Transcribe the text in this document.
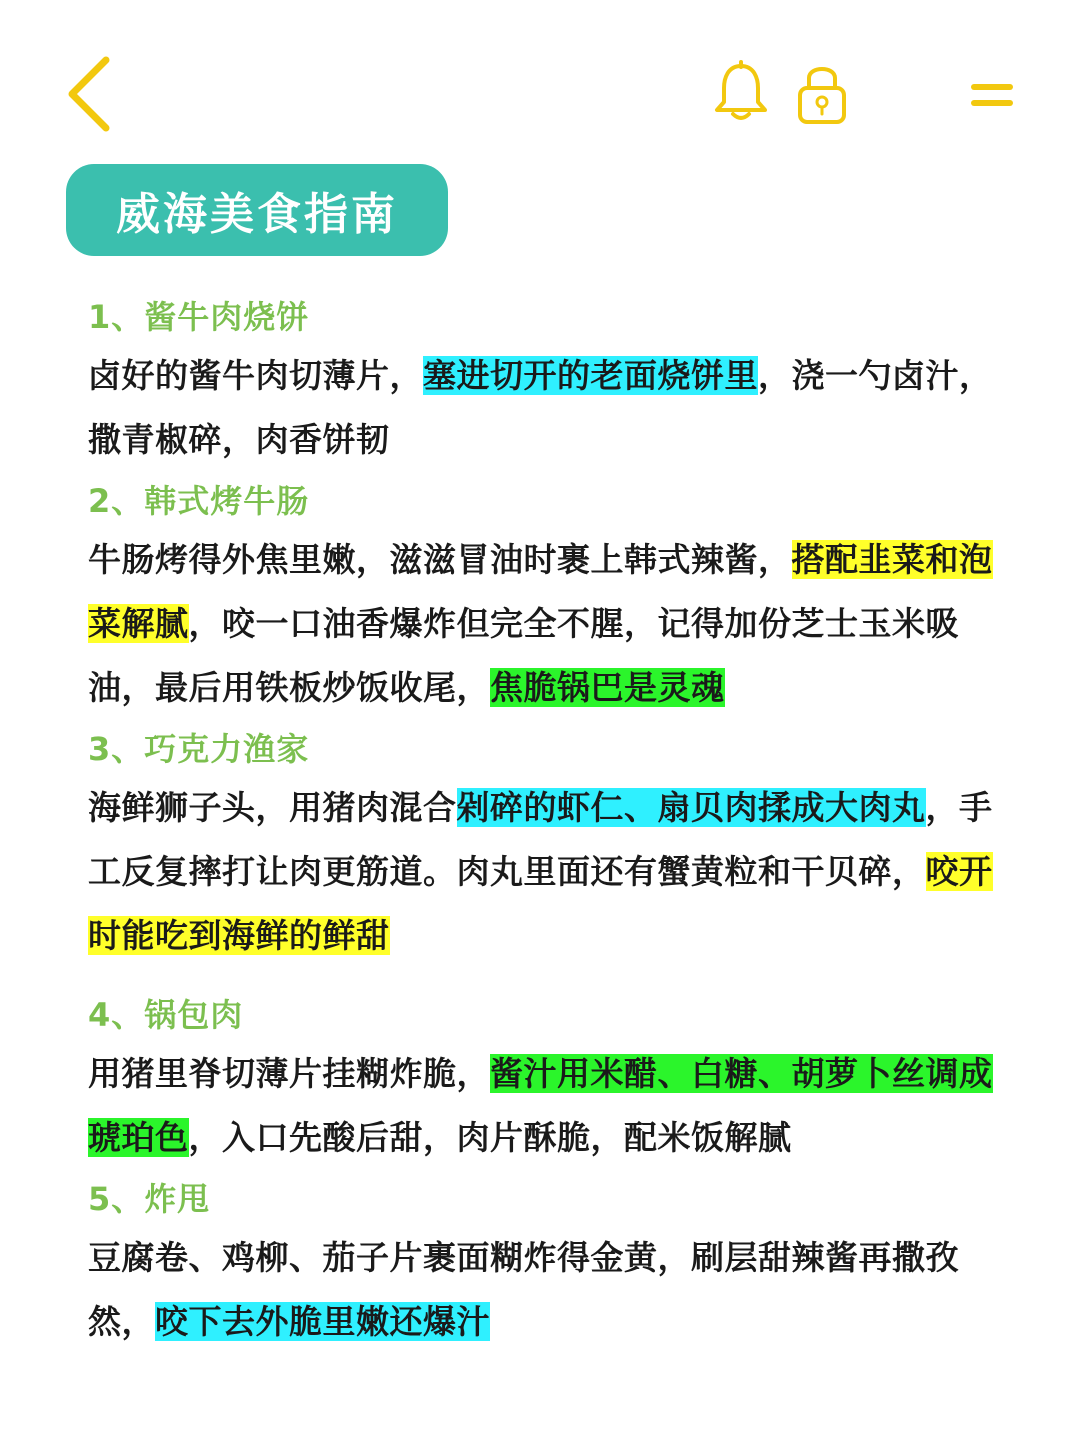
威海美食指南
1、酱牛肉烧饼

卤好的酱牛肉切薄片，塞进切开的老面烧饼里，浇一勺卤汁，撒青椒碎，肉香饼韧

2、韩式烤牛肠

牛肠烤得外焦里嫩，滋滋冒油时裹上韩式辣酱，搭配韭菜和泡菜解腻，咬一口油香爆炸但完全不腥，记得加份芝士玉米吸油，最后用铁板炒饭收尾，焦脆锅巴是灵魂

3、巧克力渔家

海鲜狮子头，用猪肉混合剁碎的虾仁、扇贝肉揉成大肉丸，手工反复摔打让肉更筋道。肉丸里面还有蟹黄粒和干贝碎，咬开时能吃到海鲜的鲜甜

4、锅包肉

用猪里脊切薄片挂糊炸脆，酱汁用米醋、白糖、胡萝卜丝调成琥珀色，入口先酸后甜，肉片酥脆，配米饭解腻

5、炸甩

豆腐卷、鸡柳、茄子片裹面糊炸得金黄，刷层甜辣酱再撒孜然，咬下去外脆里嫩还爆汁
